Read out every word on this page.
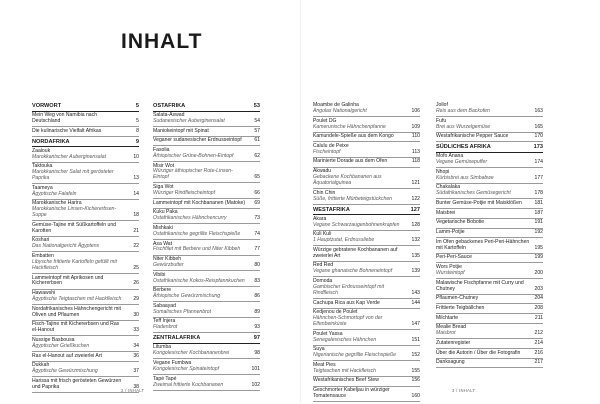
INHALT
VORWORT	5
Mein Weg von Namibia nach Deutschland	5
Die kulinarische Vielfalt Afrikas	8
NORDAFRIKA	9
Zaalouk
Marokkanischer Auberginensalat	10
Taktouka
Marokkanischer Salat mit gerösteter Paprika	13
Taameya
Ägyptische Falafeln	14
Marokkanische Harira
Marokkanische Linsen-Kichererbsen-Suppe	18
Gemüse-Tajine mit Süßkartoffeln und Karotten	21
Koshari
Das Nationalgericht Ägyptens	22
Embatten
Libysche frittierte Kartoffeln gefüllt mit Hackfleisch	25
Lammeintopf mit Aprikosen und Kichererbsen	26
Hawawshi
Ägyptische Teigtaschen mit Hackfleisch	29
Nordafrikanisches Hähnchengericht mit Oliven und Pflaumen	30
Fisch-Tajine mit Kichererbsen und Ras el-Hanout	33
Nussige Basbousa
Ägyptischer Grießkuchen	34
Ras el-Hanout auf zweierlei Art	36
Dukkah
Ägyptische Gewürzmischung	37
Harissa mit frisch gerösteten Gewürzen und Paprika	38
OSTAFRIKA	53
Salata-Aswad
Sudanesischer Auberginensalat	54
Maniokeintopf mit Spinat	57
Veganer sudanesischer Erdnusseintopf	61
Fasolia
Äthiopischer Grüne-Bohnen-Eintopf	62
Misir Wot
Würziger äthiopischer Rote-Linsen-Eintopf	65
Siga Wot
Würziger Rindfleischeintopf	66
Lammeintopf mit Kochbananen (Matoke)	69
Kuku Paka
Ostafrikanisches Hähnchencurry	73
Mishkaki
Ostafrikanische gegrillte Fleischspieße	74
Asa Wat
Fischfilet mit Berbere und Niter Kibbeh	77
Niter Kibbeh
Gewürzbutter	80
Vibibi
Ostafrikanische Kokos-Reispfannkuchen	83
Berbere
Äthiopische Gewürzmischung	86
Sabaayad
Somalisches Pfannenbrot	89
Teff Injera
Fladenbrot	93
ZENTRALAFRIKA	97
Litumba
Kongolesischer Kochbananenbrei	98
Vegane Fumbwa
Kongolesischer Spinateintopf	101
Tapé Tapé
Zweimal frittierte Kochbananen	102
Moambe de Galinha
Angolas Nationalgericht	106
Poulet DG
Kamerunische Hähnchenpfanne	109
Kamundele-Spieße aus dem Kongo	110
Calulu de Peixe
Fischeintopf	113
Marinierte Dorade aus dem Ofen	118
Akwadu
Gebackene Kochbananen aus Äquatorialguinea	121
Chin Chin
Süße, frittierte Mürbeteigstückchen	122
WESTAFRIKA	127
Akara
Vegane Schwarzaugenbohnenkrapfen	128
Kuli Kuli
1 Hauptzutat, Erdnussliebe	132
Würzige gebratene Kochbananen auf zweierlei Art	135
Red Red
Vegane ghanaische Bohneneintopf	139
Domoda
Gambischer Erdnusseintopf mit Rindfleisch	143
Cachupa Rica aus Kap Verde	144
Kedjenou de Poulet
Hähnchen-Schmortopf von der Elfenbeinküste	147
Poulet Yassa
Senegalesisches Hähnchen	151
Suya
Nigerianische gegrillte Fleischspieße	152
Meat Pies
Teigtaschen mit Hackfleisch	155
Westafrikanisches Beef Stew	156
Geschmorter Kabeljau in würziger Tomatensauce	160
Jollof
Reis aus dem Backofen	163
Fufu
Brei aus Wurzelgemüse	165
Westafrikanische Pepper Sauce	170
SÜDLICHES AFRIKA	173
Mofo Anana
Vegane Gemüsepuffer	174
Nhopi
Kürbisbrei aus Simbabwe	177
Chakalaka
Südafrikanisches Gemüsegericht	178
Bunter Gemüse-Potjie mit Maisklößen	181
Maisbrei	187
Vegetarische Bobotie	191
Lamm-Potjie	192
Im Ofen gebackenes Peri-Peri-Hähnchen mit Kartoffeln	195
Peri-Peri-Sauce	199
Wors Potjie
Wursteintopf	200
Malawische Fischpfanne mit Curry und Chutney	203
Pflaumen-Chutney	204
Frittierte Teigbällchen	208
Milchtarte	211
Mealie Bread
Maisbrot	212
Zutatenregister	214
Über die Autorin / Über die Fotografin	216
Danksagung	217
2 / INHALT	3 / INHALT
